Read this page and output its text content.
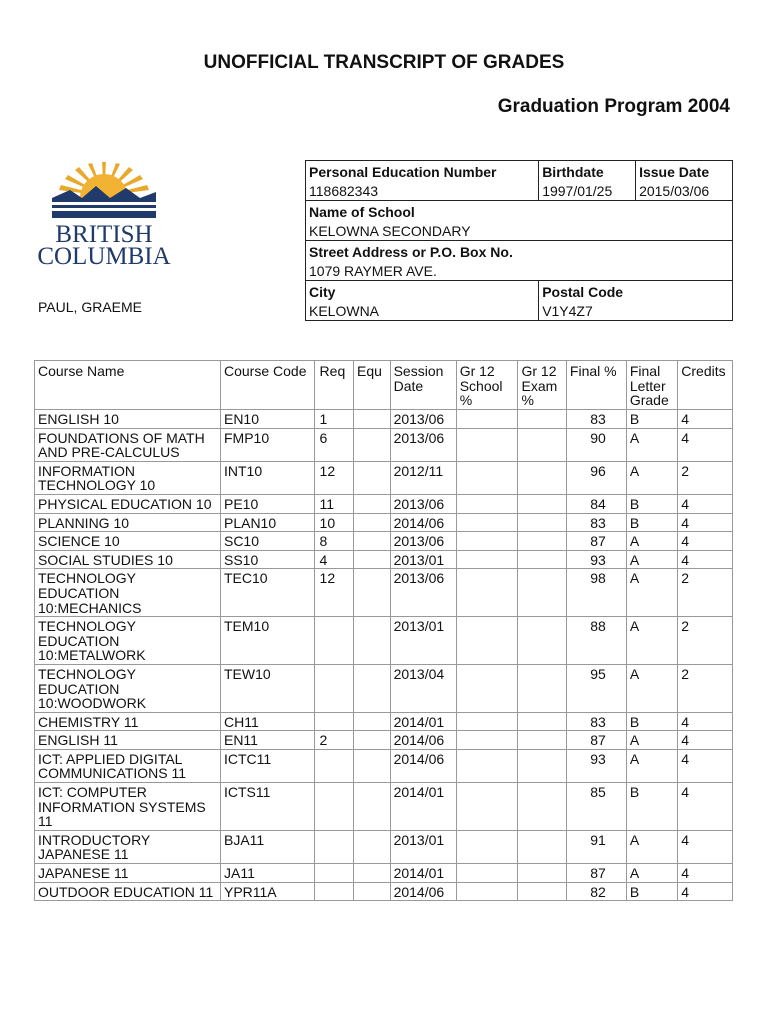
UNOFFICIAL TRANSCRIPT OF GRADES
Graduation Program 2004
BRITISH
COLUMBIA
PAUL, GRAEME
Personal Education Number	Birthdate	Issue Date
118682343	1997/01/25	2015/03/06
Name of School		
KELOWNA SECONDARY		
Street Address or P.O. Box No.		
1079 RAYMER AVE.		
City	Postal Code	
KELOWNA	V1Y4Z7	
Course Name	Course Code	Req	Equ	Session Date	Gr 12 School %	Gr 12 Exam %	Final %	Final Letter Grade	Credits
ENGLISH 10	EN10	1		2013/06			83	B	4
FOUNDATIONS OF MATH AND PRE-CALCULUS	FMP10	6		2013/06			90	A	4
INFORMATION TECHNOLOGY 10	INT10	12		2012/11			96	A	2
PHYSICAL EDUCATION 10	PE10	11		2013/06			84	B	4
PLANNING 10	PLAN10	10		2014/06			83	B	4
SCIENCE 10	SC10	8		2013/06			87	A	4
SOCIAL STUDIES 10	SS10	4		2013/01			93	A	4
TECHNOLOGY EDUCATION 10:MECHANICS	TEC10	12		2013/06			98	A	2
TECHNOLOGY EDUCATION 10:METALWORK	TEM10			2013/01			88	A	2
TECHNOLOGY EDUCATION 10:WOODWORK	TEW10			2013/04			95	A	2
CHEMISTRY 11	CH11			2014/01			83	B	4
ENGLISH 11	EN11	2		2014/06			87	A	4
ICT: APPLIED DIGITAL COMMUNICATIONS 11	ICTC11			2014/06			93	A	4
ICT: COMPUTER INFORMATION SYSTEMS 11	ICTS11			2014/01			85	B	4
INTRODUCTORY JAPANESE 11	BJA11			2013/01			91	A	4
JAPANESE 11	JA11			2014/01			87	A	4
OUTDOOR EDUCATION 11	YPR11A			2014/06			82	B	4
